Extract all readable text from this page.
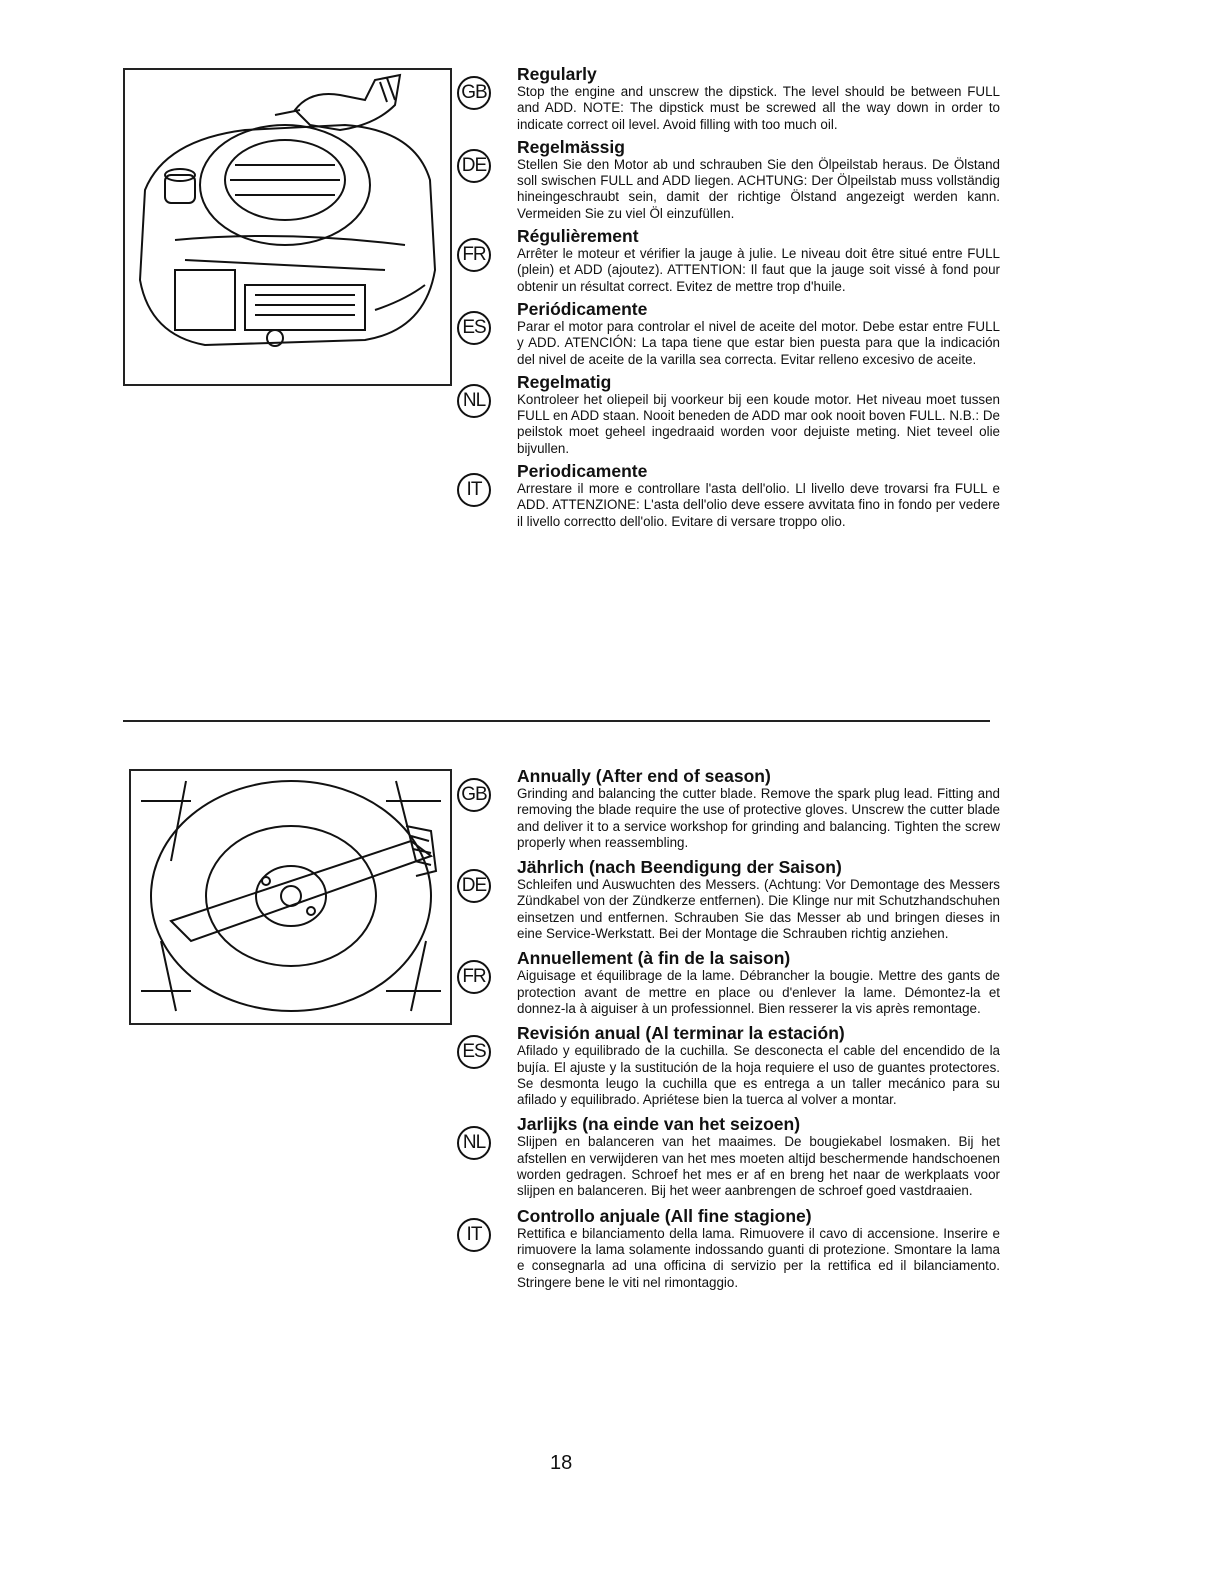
GB

Regularly

Stop the engine and unscrew the dipstick. The level should be between FULL and ADD. NOTE: The dipstick must be screwed all the way down in order to indicate correct oil level. Avoid filling with too much oil.

DE

Regelmässig

Stellen Sie den Motor ab und schrauben Sie den Ölpeilstab heraus. De Ölstand soll swischen FULL and ADD liegen. ACHTUNG: Der Ölpeilstab muss vollständig hineingeschraubt sein, damit der richtige Ölstand angezeigt werden kann. Vermeiden Sie zu viel Öl einzufüllen.

FR

Régulièrement

Arrêter le moteur et vérifier la jauge à julie. Le niveau doit être situé entre FULL (plein) et ADD (ajoutez). ATTENTION: Il faut que la jauge soit vissé à fond pour obtenir un résultat correct. Evitez de mettre trop d'huile.

ES

Periódicamente

Parar el motor para controlar el nivel de aceite del motor. Debe estar entre FULL y ADD. ATENCIÓN: La tapa tiene que estar bien puesta para que la indicación del nivel de aceite de la varilla sea correcta. Evitar relleno excesivo de aceite.

NL

Regelmatig

Kontroleer het oliepeil bij voorkeur bij een koude motor. Het niveau moet tussen FULL en ADD staan. Nooit beneden de ADD mar ook nooit boven FULL. N.B.: De peilstok moet geheel ingedraaid worden voor dejuiste meting. Niet teveel olie bijvullen.

IT

Periodicamente

Arrestare il more e controllare l'asta dell'olio. Ll livello deve trovarsi fra FULL e ADD. ATTENZIONE: L'asta dell'olio deve essere avvitata fino in fondo per vedere il livello correctto dell'olio. Evitare di versare troppo olio.

GB

Annually (After end of season)

Grinding and balancing the cutter blade. Remove the spark plug lead. Fitting and removing the blade require the use of protective gloves. Unscrew the cutter blade and deliver it to a service workshop for grinding and balancing. Tighten the screw properly when reassembling.

DE

Jährlich (nach Beendigung der Saison)

Schleifen und Auswuchten des Messers. (Achtung: Vor Demontage des Messers Zündkabel von der Zündkerze entfernen). Die Klinge nur mit Schutzhandschuhen einsetzen und entfernen. Schrauben Sie das Messer ab und bringen dieses in eine Service-Werkstatt. Bei der Montage die Schrauben richtig anziehen.

FR

Annuellement (à fin de la saison)

Aiguisage et équilibrage de la lame. Débrancher la bougie. Mettre des gants de protection avant de mettre en place ou d'enlever la lame. Démontez-la et donnez-la à aiguiser à un professionnel. Bien resserer la vis après remontage.

ES

Revisión anual (Al terminar la estación)

Afilado y equilibrado de la cuchilla. Se desconecta el cable del encendido de la bujía. El ajuste y la sustitución de la hoja requiere el uso de guantes protectores. Se desmonta leugo la cuchilla que es entrega a un taller mecánico para su afilado y equilibrado. Apriétese bien la tuerca al volver a montar.

NL

Jarlijks (na einde van het seizoen)

Slijpen en balanceren van het maaimes. De bougiekabel losmaken. Bij het afstellen en verwijderen van het mes moeten altijd beschermende handschoenen worden gedragen. Schroef het mes er af en breng het naar de werkplaats voor slijpen en balanceren. Bij het weer aanbrengen de schroef goed vastdraaien.

IT

Controllo anjuale (All fine stagione)

Rettifica e bilanciamento della lama. Rimuovere il cavo di accensione. Inserire e rimuovere la lama solamente indossando guanti di protezione. Smontare la lama e consegnarla ad una officina di servizio per la rettifica ed il bilanciamento. Stringere bene le viti nel rimontaggio.

18
